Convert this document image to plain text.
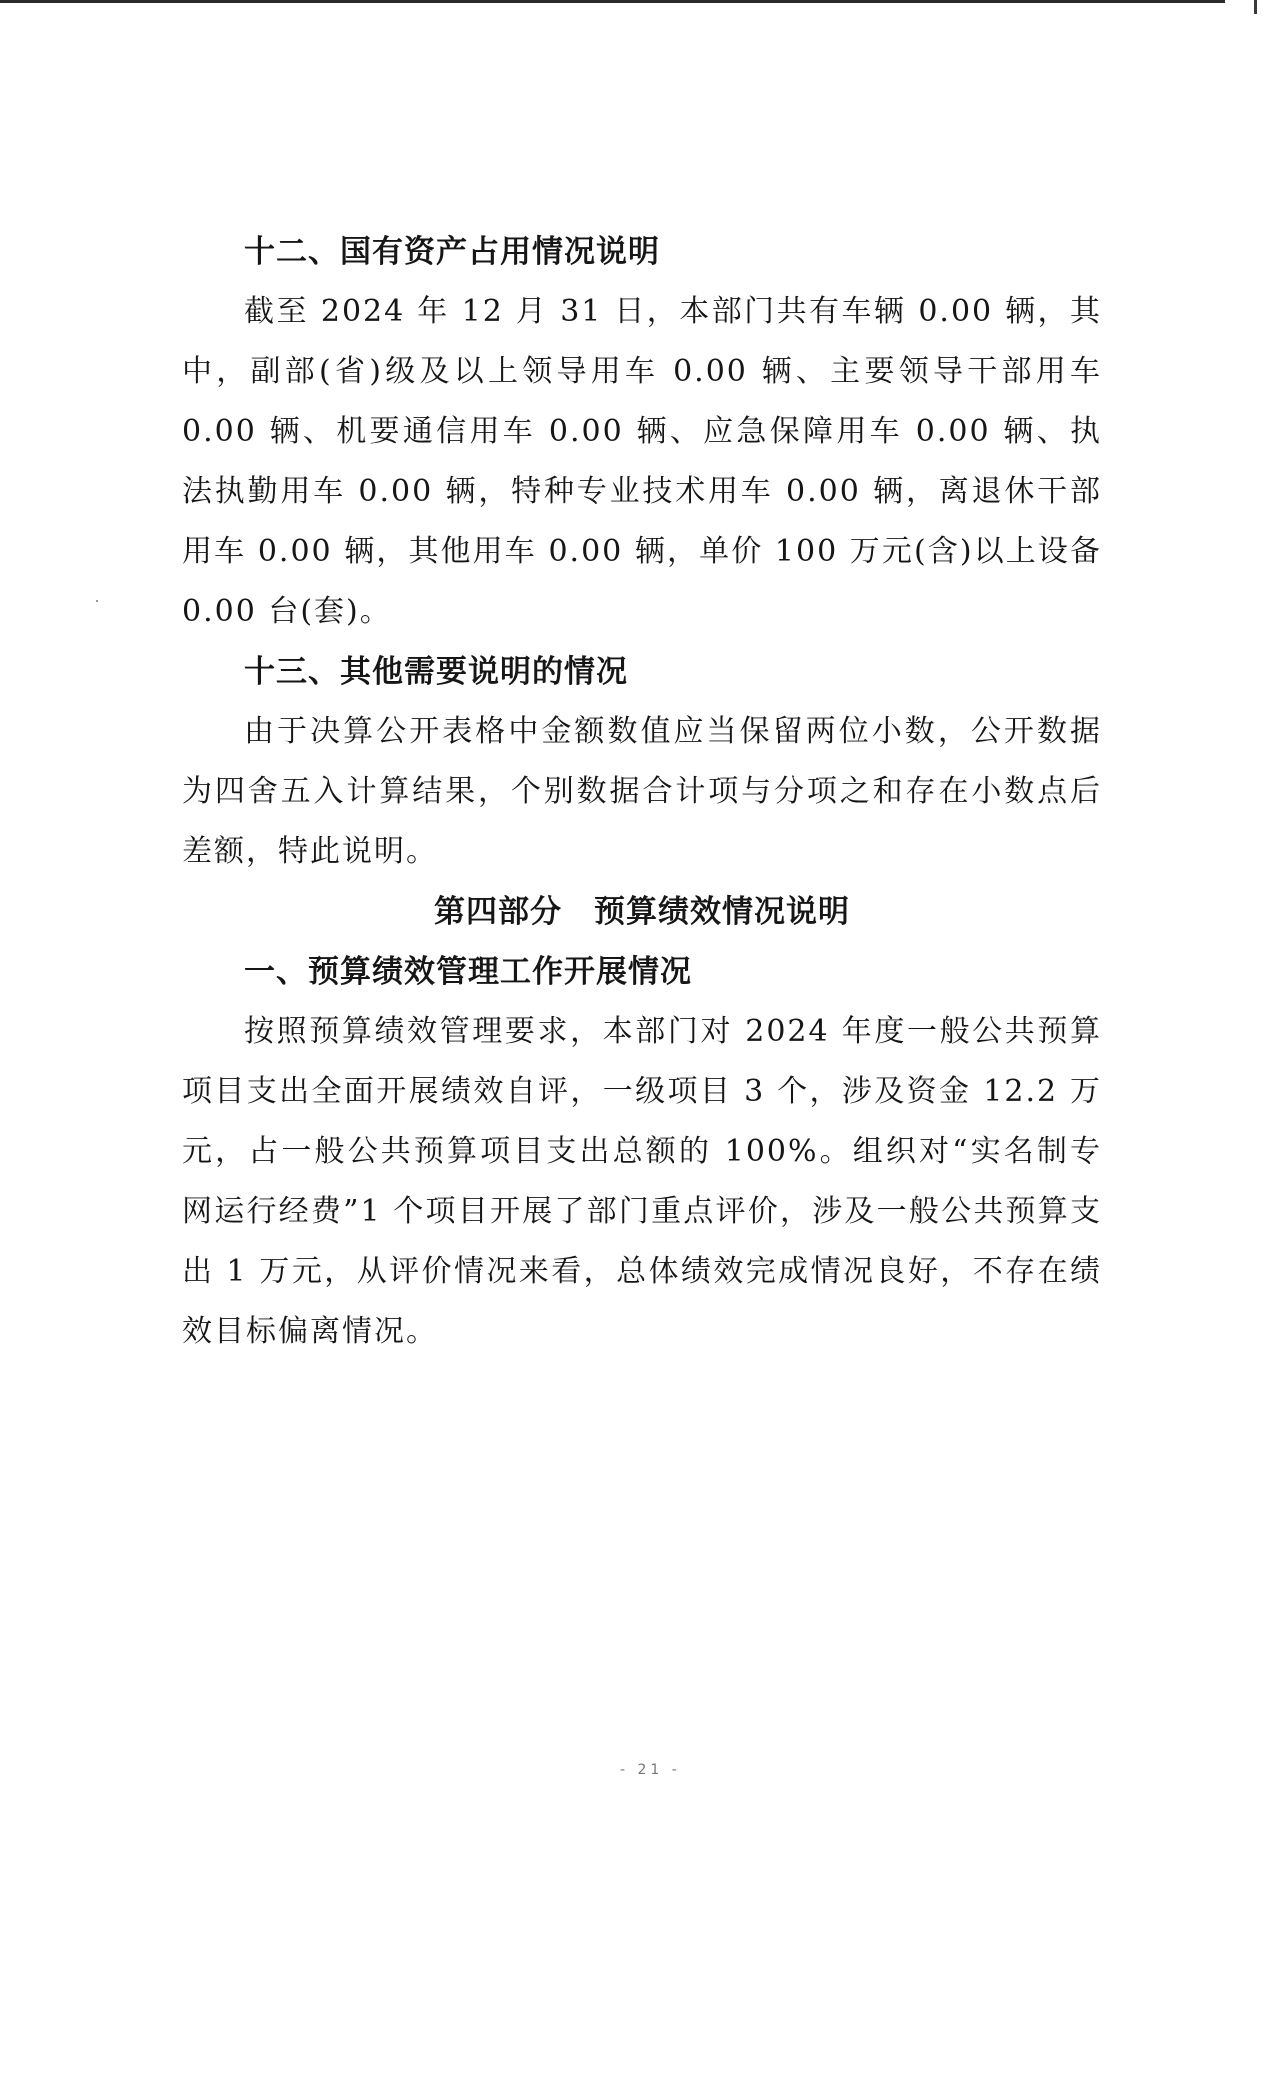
十二、国有资产占用情况说明

截至 2024 年 12 月 31 日，本部门共有车辆 0.00 辆，其中，副部(省)级及以上领导用车 0.00 辆、主要领导干部用车 0.00 辆、机要通信用车 0.00 辆、应急保障用车 0.00 辆、执法执勤用车 0.00 辆，特种专业技术用车 0.00 辆，离退休干部用车 0.00 辆，其他用车 0.00 辆，单价 100 万元(含)以上设备 0.00 台(套)。

十三、其他需要说明的情况

由于决算公开表格中金额数值应当保留两位小数，公开数据为四舍五入计算结果，个别数据合计项与分项之和存在小数点后差额，特此说明。

第四部分　预算绩效情况说明
一、预算绩效管理工作开展情况

按照预算绩效管理要求，本部门对 2024 年度一般公共预算项目支出全面开展绩效自评，一级项目 3 个，涉及资金 12.2 万元，占一般公共预算项目支出总额的 100%。组织对“实名制专网运行经费”1 个项目开展了部门重点评价，涉及一般公共预算支出 1 万元，从评价情况来看，总体绩效完成情况良好，不存在绩效目标偏离情况。

- 21 -
